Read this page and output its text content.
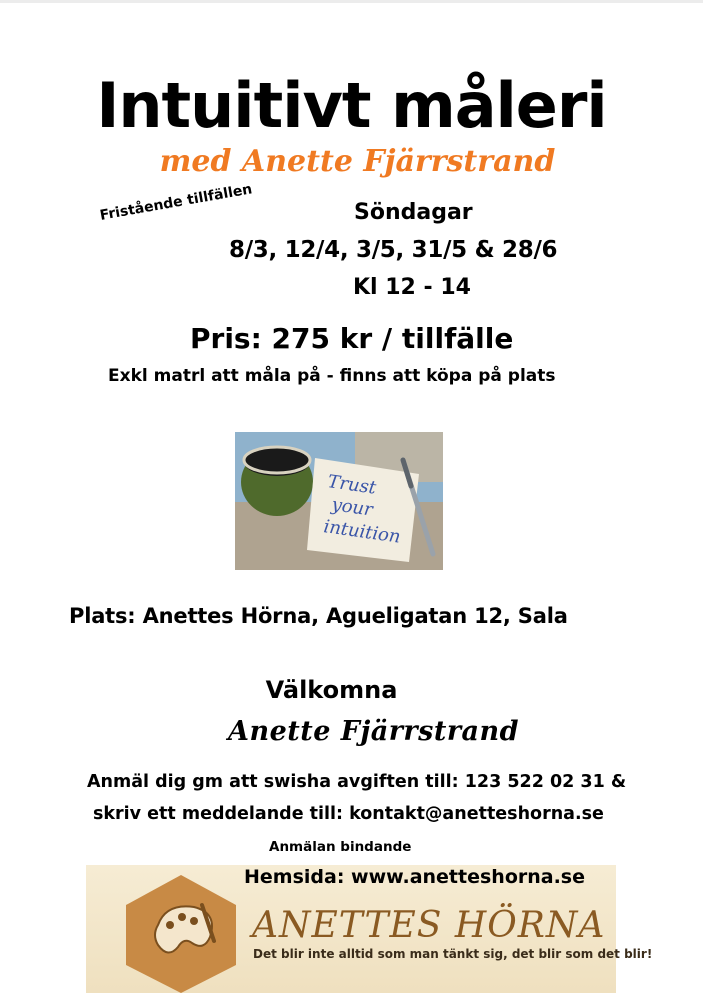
Intuitivt måleri
med Anette Fjärrstrand
Fristående tillfällen	Söndagar
8/3, 12/4, 3/5, 31/5 & 28/6
Kl 12 - 14
Pris: 275 kr / tillfälle
Exkl matrl att måla på - finns att köpa på plats
Trust
your
intuition
Plats: Anettes Hörna, Agueligatan 12, Sala
Välkomna
Anette Fjärrstrand
Anmäl dig gm att swisha avgiften till: 123 522 02 31 &
skriv ett meddelande till: kontakt@anetteshorna.se
Anmälan bindande
Hemsida: www.anetteshorna.se
ANETTES HÖRNA
Det blir inte alltid som man tänkt sig, det blir som det blir!
